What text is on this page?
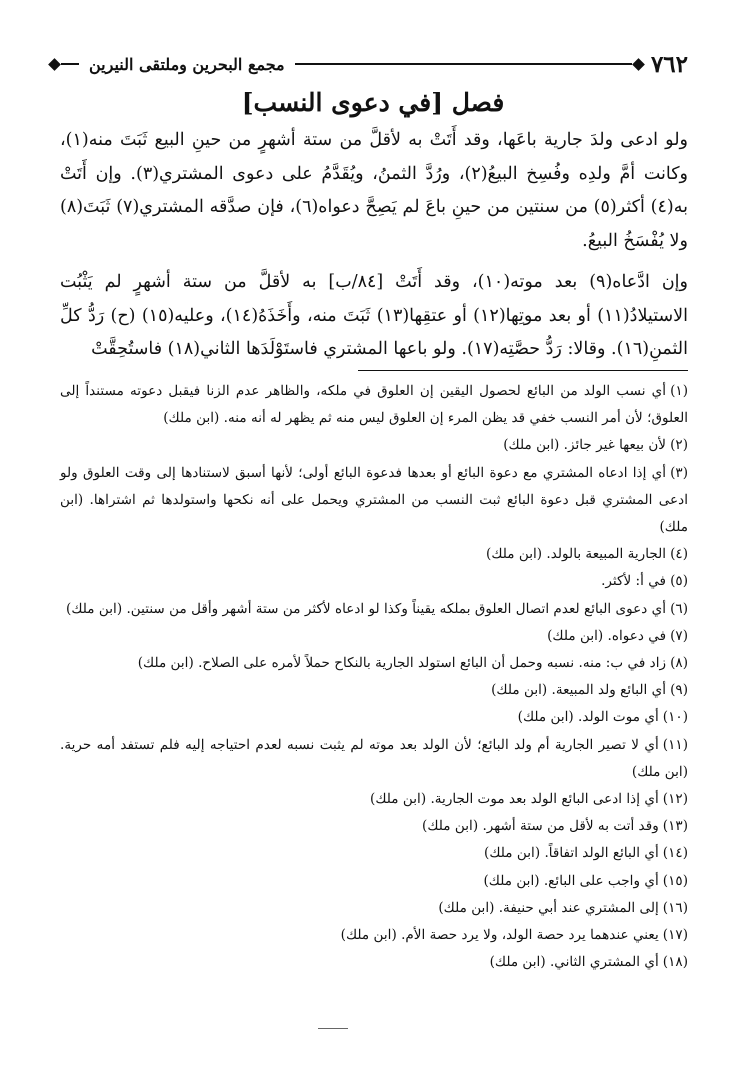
٧٦٢
مجمع البحرين وملتقى النيرين
فصل [في دعوى النسب]

ولو ادعى ولدَ جارية باعَها، وقد أَتَتْ به لأقلَّ من ستة أشهرٍ من حينِ البيع ثَبَتَ منه(١)، وكانت أمَّ ولدِه وفُسِخ البيعُ(٢)، ورُدَّ الثمنُ، ويُقَدَّمُ على دعوى المشتري(٣). وإن أَتَتْ به(٤) أكثر(٥) من سنتين من حينِ باعَ لم يَصِحَّ دعواه(٦)، فإن صدَّقه المشتري(٧) ثَبَتَ(٨) ولا يُفْسَخُ البيعُ.

وإن ادَّعاه(٩) بعد موته(١٠)، وقد أَتَتْ [٨٤/ب] به لأقلَّ من ستة أشهرٍ لم يَثْبُت الاستيلادُ(١١) أو بعد موتِها(١٢) أو عتقِها(١٣) ثَبَتَ منه، وأَخَذَهُ(١٤)، وعليه(١٥) (ح) رَدُّ كلِّ الثمنِ(١٦). وقالا: رَدُّ حصَّتِه(١٧). ولو باعها المشتري فاستَوْلَدَها الثاني(١٨) فاستُحِقَّتْ

(١)أي نسب الولد من البائع لحصول اليقين إن العلوق في ملكه، والظاهر عدم الزنا فيقبل دعوته مستنداً إلى العلوق؛ لأن أمر النسب خفي قد يظن المرء إن العلوق ليس منه ثم يظهر له أنه منه. (ابن ملك)

(٢)لأن بيعها غير جائز. (ابن ملك)

(٣)أي إذا ادعاه المشتري مع دعوة البائع أو بعدها فدعوة البائع أولى؛ لأنها أسبق لاستنادها إلى وقت العلوق ولو ادعى المشتري قبل دعوة البائع ثبت النسب من المشتري ويحمل على أنه نكحها واستولدها ثم اشتراها. (ابن ملك)

(٤)الجارية المبيعة بالولد. (ابن ملك)

(٥)في أ: لأكثر.

(٦)أي دعوى البائع لعدم اتصال العلوق بملكه يقيناً وكذا لو ادعاه لأكثر من ستة أشهر وأقل من سنتين. (ابن ملك)

(٧)في دعواه. (ابن ملك)

(٨)زاد في ب: منه. نسبه وحمل أن البائع استولد الجارية بالنكاح حملاً لأمره على الصلاح. (ابن ملك)

(٩)أي البائع ولد المبيعة. (ابن ملك)

(١٠)أي موت الولد. (ابن ملك)

(١١)أي لا تصير الجارية أم ولد البائع؛ لأن الولد بعد موته لم يثبت نسبه لعدم احتياجه إليه فلم تستفد أمه حرية. (ابن ملك)

(١٢)أي إذا ادعى البائع الولد بعد موت الجارية. (ابن ملك)

(١٣)وقد أتت به لأقل من ستة أشهر. (ابن ملك)

(١٤)أي البائع الولد اتفاقاً. (ابن ملك)

(١٥)أي واجب على البائع. (ابن ملك)

(١٦)إلى المشتري عند أبي حنيفة. (ابن ملك)

(١٧)يعني عندهما يرد حصة الولد، ولا يرد حصة الأم. (ابن ملك)

(١٨)أي المشتري الثاني. (ابن ملك)
